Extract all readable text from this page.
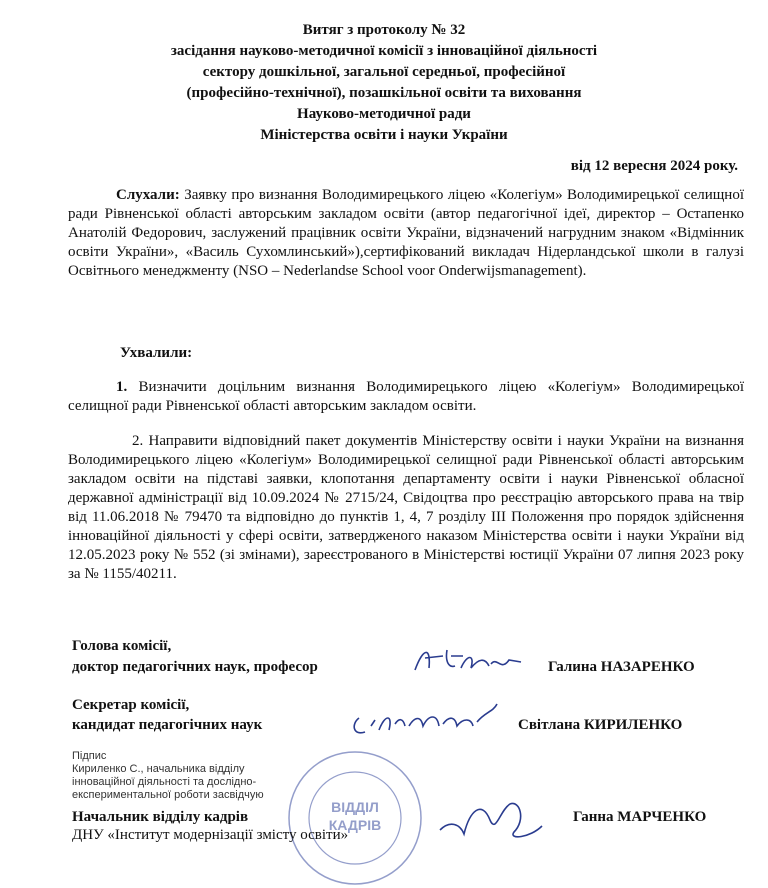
Витяг з протоколу № 32
засідання науково-методичної комісії з інноваційної діяльності
сектору дошкільної, загальної середньої, професійної
(професійно-технічної), позашкільної освіти та виховання
Науково-методичної ради
Міністерства освіти і науки України
від 12 вересня 2024 року.

Слухали: Заявку про визнання Володимирецького ліцею «Колегіум» Володимирецької селищної ради Рівненської області авторським закладом освіти (автор педагогічної ідеї, директор – Остапенко Анатолій Федорович, заслужений працівник освіти України, відзначений нагрудним знаком «Відмінник освіти України», «Василь Сухомлинський»),сертифікований викладач Нідерландської школи в галузі Освітнього менеджменту (NSO – Nederlandse School voor Onderwijsmanagement).

Ухвалили:

1. Визначити доцільним визнання Володимирецького ліцею «Колегіум» Володимирецької селищної ради Рівненської області авторським закладом освіти.

2. Направити відповідний пакет документів Міністерству освіти і науки України на визнання Володимирецького ліцею «Колегіум» Володимирецької селищної ради Рівненської області авторським закладом освіти на підставі заявки, клопотання департаменту освіти і науки Рівненської обласної державної адміністрації від 10.09.2024 № 2715/24, Свідоцтва про реєстрацію авторського права на твір від 11.06.2018 № 79470 та відповідно до пунктів 1, 4, 7 розділу ІІІ Положення про порядок здійснення інноваційної діяльності у сфері освіти, затвердженого наказом Міністерства освіти і науки України від 12.05.2023 року № 552 (зі змінами), зареєстрованого в Міністерстві юстиції України 07 липня 2023 року за № 1155/40211.

Голова комісії,
доктор педагогічних наук, професор	Галина НАЗАРЕНКО
Секретар комісії,
кандидат педагогічних наук	Світлана КИРИЛЕНКО
Підпис
Кириленко С., начальника відділу
інноваційної діяльності та дослідно-
експериментальної роботи засвідчую
ВІДДІЛ
КАДРІВ
Начальник відділу кадрів
ДНУ «Інститут модернізації змісту освіти»
Ганна МАРЧЕНКО
